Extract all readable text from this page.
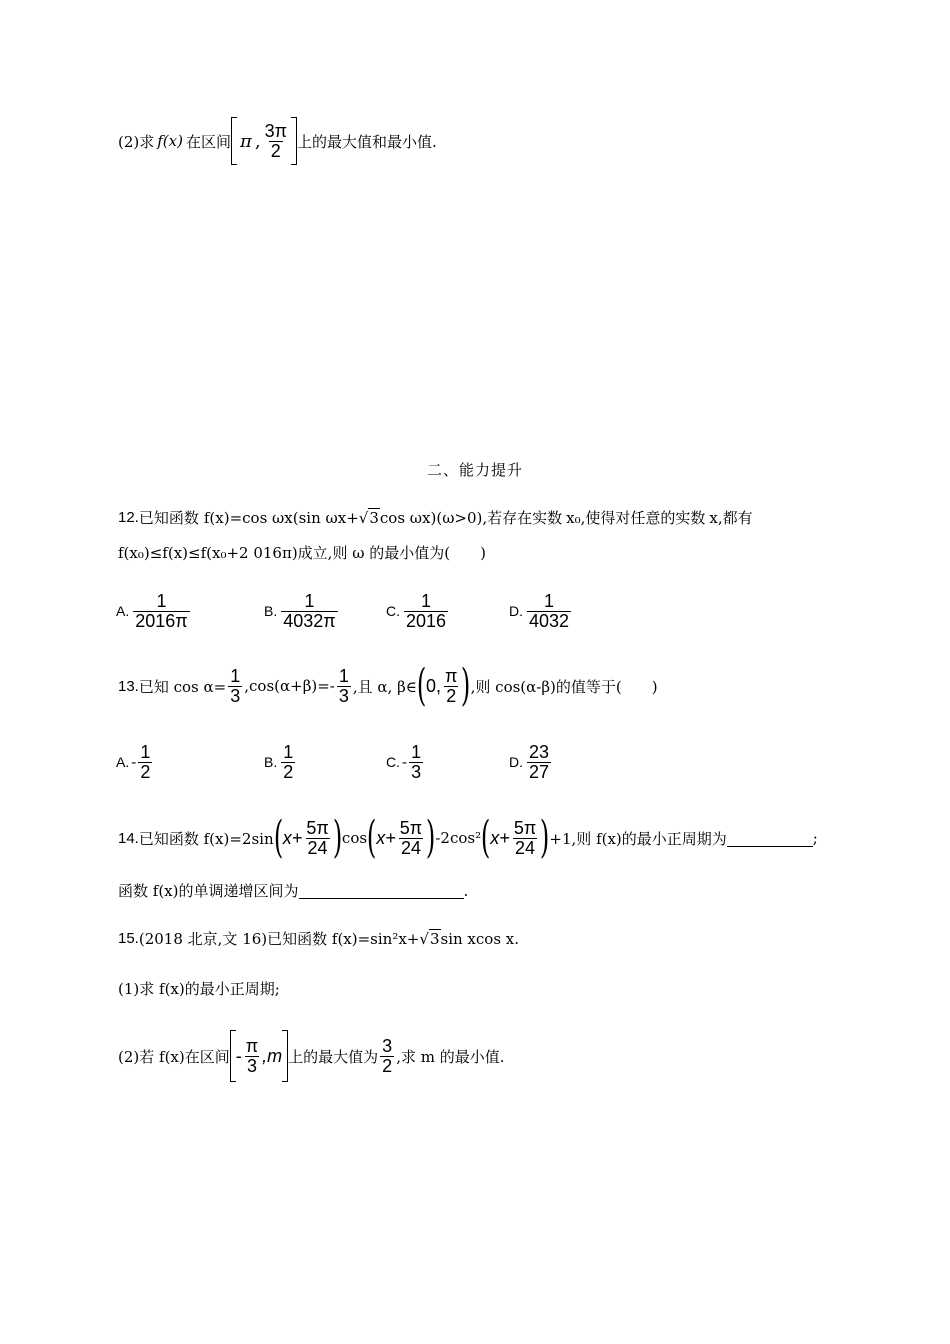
(2)求 f(x) 在区间 π , $\frac{3\pi}{2}$ 上的最大值和最小值.
二、能力提升
12. 已知函数 f(x)=cos ωx(sin ωx+ √ 3 cos ωx)(ω>0),若存在实数 x₀,使得对任意的实数 x,都有
f(x₀)≤f(x)≤f(x₀+2 016π)成立,则 ω 的最小值为(　　)
A. $\frac{1}{2016\pi}$	B. $\frac{1}{4032\pi}$	C. $\frac{1}{2016}$	D. $\frac{1}{4032}$
13. 已知 $\cos \alpha= \frac{1}{3} ,\cos(\alpha+\beta)=- \frac{1}{3}$ ,且 α, β∈ ( 0, $\frac{\pi}{2}$ ) ,则 cos(α-β)的值等于(　　)
A. - $\frac{1}{2}$	B. $\frac{1}{2}$	C. - $\frac{1}{3}$	D. $\frac{23}{27}$
14. 已知函数 f(x)=2sin ( $x+ \frac{5\pi}{24}$ ) cos ( $x+ \frac{5\pi}{24}$ ) -2cos² ( $x+ \frac{5\pi}{24}$ ) +1,则 f(x)的最小正周期为	;
函数 f(x)的单调递增区间为	.
15. (2018 北京,文 16)已知函数 f(x)=sin²x+ √ 3 sin xcos x.
(1)求 f(x)的最小正周期;
(2)若 f(x)在区间 - $\frac{\pi}{3} ,m$ 上的最大值为 $\frac{3}{2}$ ,求 m 的最小值.
